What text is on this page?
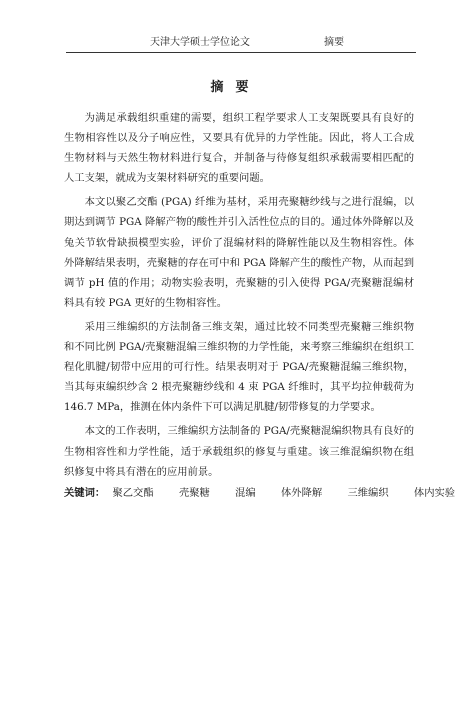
天津大学硕士学位论文	摘要
摘要

为满足承载组织重建的需要，组织工程学要求人工支架既要具有良好的生物相容性以及分子响应性，又要具有优异的力学性能。因此，将人工合成生物材料与天然生物材料进行复合，并制备与待修复组织承载需要相匹配的人工支架，就成为支架材料研究的重要问题。

本文以聚乙交酯 (PGA) 纤维为基材，采用壳聚糖纱线与之进行混编，以期达到调节 PGA 降解产物的酸性并引入活性位点的目的。通过体外降解以及兔关节软骨缺损模型实验，评价了混编材料的降解性能以及生物相容性。体外降解结果表明，壳聚糖的存在可中和 PGA 降解产生的酸性产物，从而起到调节 pH 值的作用；动物实验表明，壳聚糖的引入使得 PGA/壳聚糖混编材料具有较 PGA 更好的生物相容性。

采用三维编织的方法制备三维支架，通过比较不同类型壳聚糖三维织物和不同比例 PGA/壳聚糖混编三维织物的力学性能，来考察三维编织在组织工程化肌腱/韧带中应用的可行性。结果表明对于 PGA/壳聚糖混编三维织物，当其每束编织纱含 2 根壳聚糖纱线和 4 束 PGA 纤维时，其平均拉伸载荷为 146.7 MPa，推测在体内条件下可以满足肌腱/韧带修复的力学要求。

本文的工作表明，三维编织方法制备的 PGA/壳聚糖混编织物具有良好的生物相容性和力学性能，适于承载组织的修复与重建。该三维混编织物在组织修复中将具有潜在的应用前景。

关键词： 聚乙交酯 壳聚糖 混编 体外降解 三维编织 体内实验
